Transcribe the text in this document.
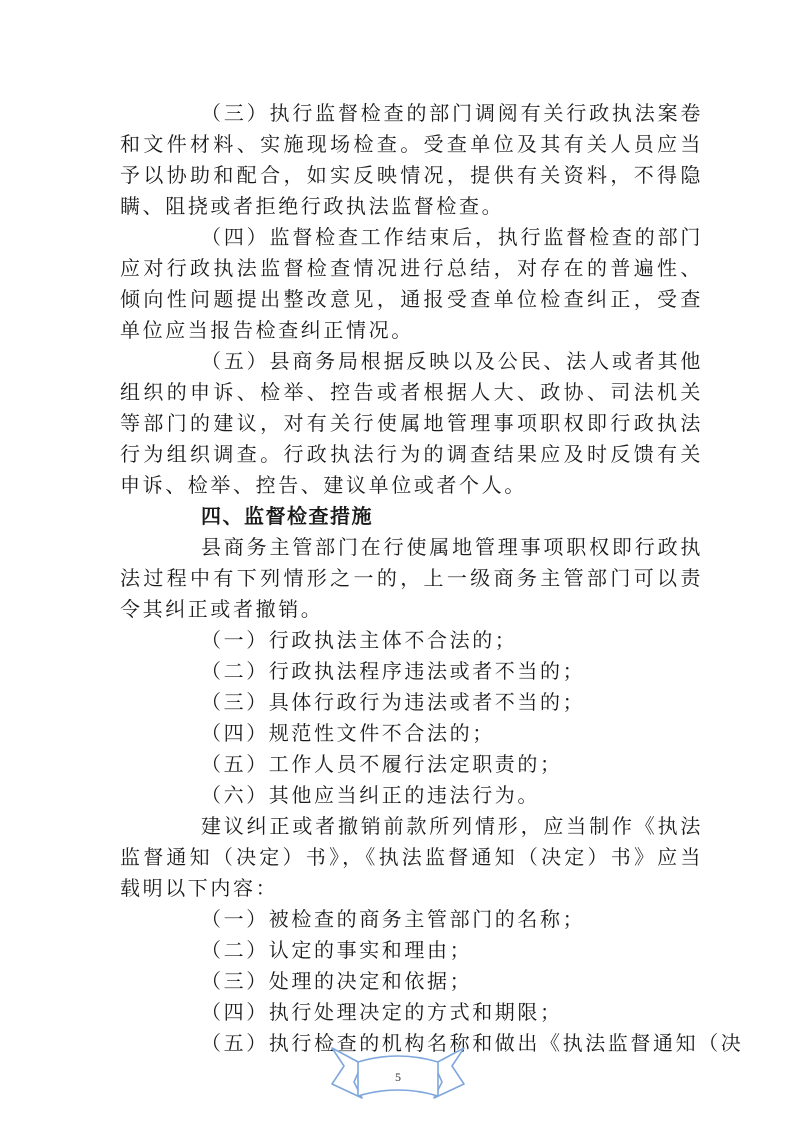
（三）执行监督检查的部门调阅有关行政执法案卷和文件材料、实施现场检查。受查单位及其有关人员应当予以协助和配合，如实反映情况，提供有关资料，不得隐瞒、阻挠或者拒绝行政执法监督检查。

（四）监督检查工作结束后，执行监督检查的部门应对行政执法监督检查情况进行总结，对存在的普遍性、倾向性问题提出整改意见，通报受查单位检查纠正，受查单位应当报告检查纠正情况。

（五）县商务局根据反映以及公民、法人或者其他组织的申诉、检举、控告或者根据人大、政协、司法机关等部门的建议，对有关行使属地管理事项职权即行政执法行为组织调查。行政执法行为的调查结果应及时反馈有关申诉、检举、控告、建议单位或者个人。

四、监督检查措施

县商务主管部门在行使属地管理事项职权即行政执法过程中有下列情形之一的，上一级商务主管部门可以责令其纠正或者撤销。

（一）行政执法主体不合法的；

（二）行政执法程序违法或者不当的；

（三）具体行政行为违法或者不当的；

（四）规范性文件不合法的；

（五）工作人员不履行法定职责的；

（六）其他应当纠正的违法行为。

建议纠正或者撤销前款所列情形，应当制作《执法监督通知（决定）书》，《执法监督通知（决定）书》应当载明以下内容：

（一）被检查的商务主管部门的名称；

（二）认定的事实和理由；

（三）处理的决定和依据；

（四）执行处理决定的方式和期限；

（五）执行检查的机构名称和做出《执法监督通知（决

5
